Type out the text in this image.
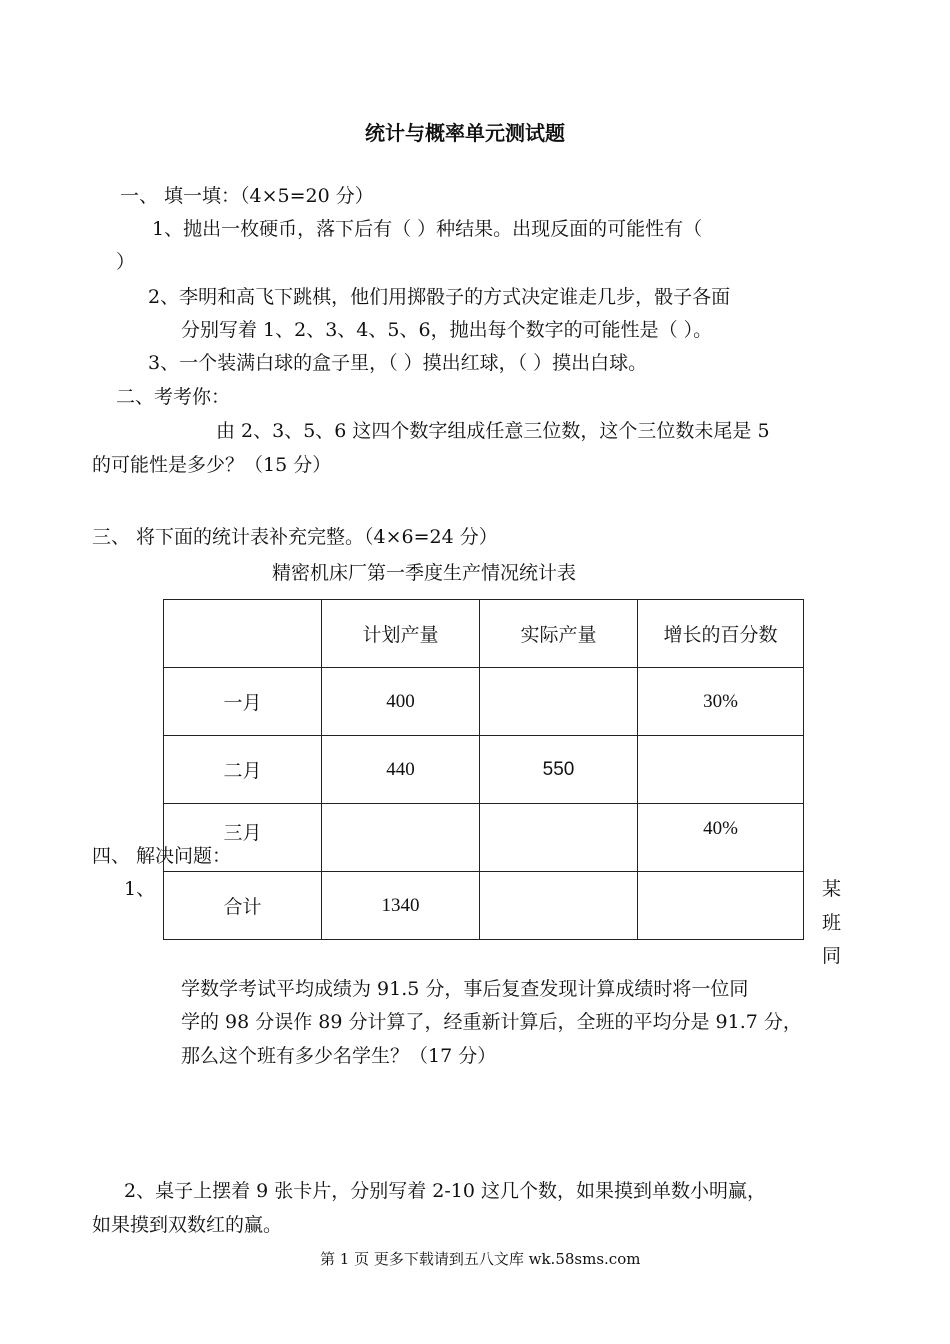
统计与概率单元测试题
一、 填一填：（4×5=20 分）
1、抛出一枚硬币，落下后有（ ）种结果。出现反面的可能性有（
）
2、李明和高飞下跳棋，他们用掷骰子的方式决定谁走几步，骰子各面
分别写着 1、2、3、4、5、6，抛出每个数字的可能性是（ ）。
3、一个装满白球的盒子里，（ ）摸出红球，（ ）摸出白球。
二、考考你：
由 2、3、5、6 这四个数字组成任意三位数，这个三位数未尾是 5
的可能性是多少？（15 分）
三、 将下面的统计表补充完整。（4×6=24 分）
精密机床厂第一季度生产情况统计表
	计划产量	实际产量	增长的百分数
一月	400		30%
二月	440	550	
三月			40%
合计	1340		
四、 解决问题：
1、	某
班
同
学数学考试平均成绩为 91.5 分，事后复查发现计算成绩时将一位同
学的 98 分误作 89 分计算了，经重新计算后，全班的平均分是 91.7 分，
那么这个班有多少名学生？（17 分）
2、桌子上摆着 9 张卡片，分别写着 2-10 这几个数，如果摸到单数小明赢，
如果摸到双数红的赢。
第 1 页 更多下载请到五八文库 wk.58sms.com
